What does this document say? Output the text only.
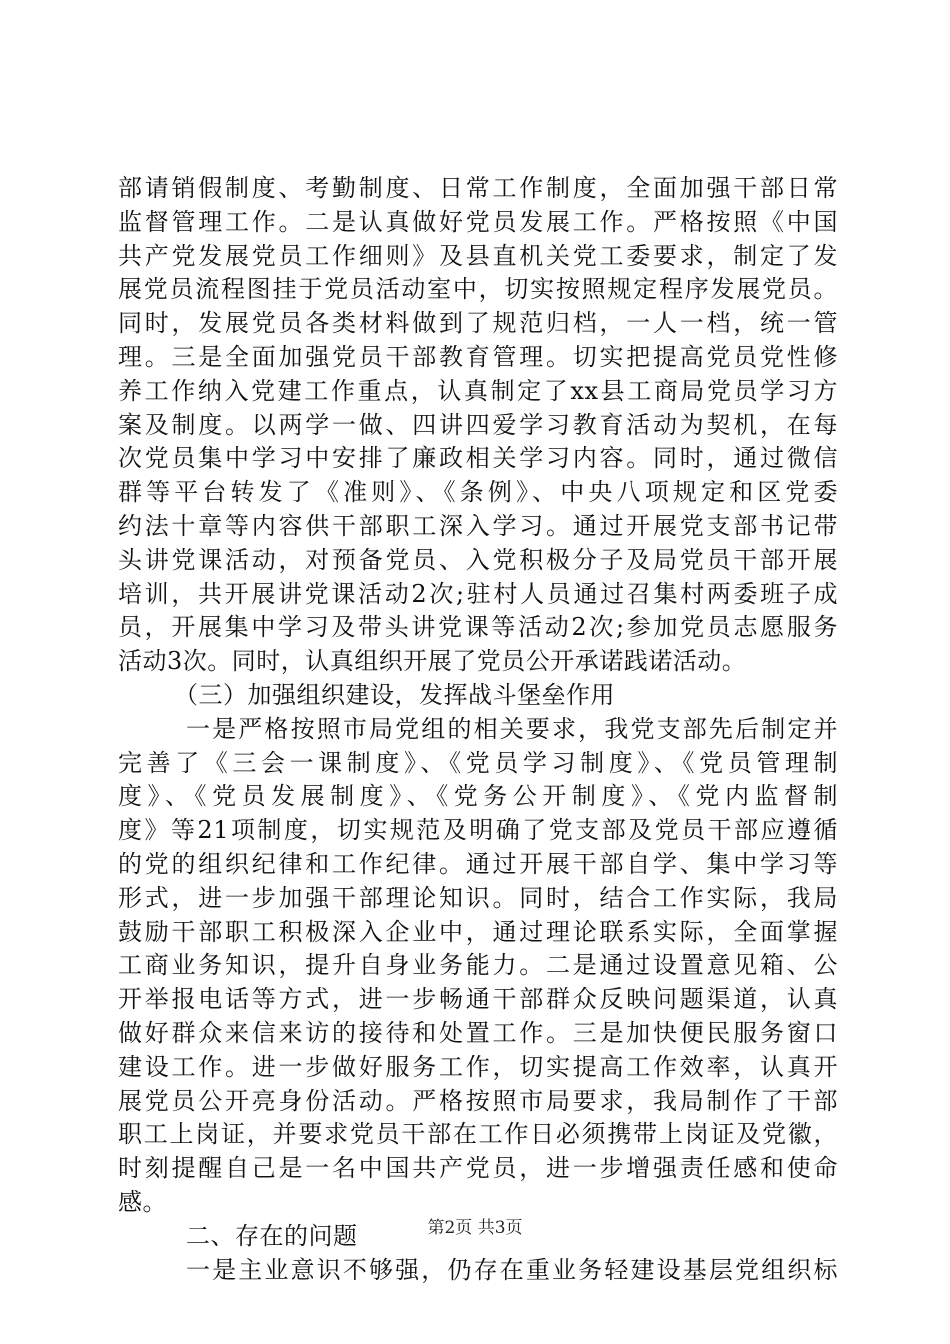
部请销假制度、考勤制度、日常工作制度，全面加强干部日常
监督管理工作。二是认真做好党员发展工作。严格按照《中国
共产党发展党员工作细则》及县直机关党工委要求，制定了发
展党员流程图挂于党员活动室中，切实按照规定程序发展党员。
同时，发展党员各类材料做到了规范归档，一人一档，统一管
理。三是全面加强党员干部教育管理。切实把提高党员党性修
养工作纳入党建工作重点，认真制定了xx县工商局党员学习方
案及制度。以两学一做、四讲四爱学习教育活动为契机，在每
次党员集中学习中安排了廉政相关学习内容。同时，通过微信
群等平台转发了《准则》、《条例》、中央八项规定和区党委
约法十章等内容供干部职工深入学习。通过开展党支部书记带
头讲党课活动，对预备党员、入党积极分子及局党员干部开展
培训，共开展讲党课活动2次;驻村人员通过召集村两委班子成
员，开展集中学习及带头讲党课等活动2次;参加党员志愿服务
活动3次。同时，认真组织开展了党员公开承诺践诺活动。
（三）加强组织建设，发挥战斗堡垒作用
一是严格按照市局党组的相关要求，我党支部先后制定并
完善了《三会一课制度》、《党员学习制度》、《党员管理制
度》、《党员发展制度》、《党务公开制度》、《党内监督制
度》等21项制度，切实规范及明确了党支部及党员干部应遵循
的党的组织纪律和工作纪律。通过开展干部自学、集中学习等
形式，进一步加强干部理论知识。同时，结合工作实际，我局
鼓励干部职工积极深入企业中，通过理论联系实际，全面掌握
工商业务知识，提升自身业务能力。二是通过设置意见箱、公
开举报电话等方式，进一步畅通干部群众反映问题渠道，认真
做好群众来信来访的接待和处置工作。三是加快便民服务窗口
建设工作。进一步做好服务工作，切实提高工作效率，认真开
展党员公开亮身份活动。严格按照市局要求，我局制作了干部
职工上岗证，并要求党员干部在工作日必须携带上岗证及党徽，
时刻提醒自己是一名中国共产党员，进一步增强责任感和使命
感。
二、存在的问题
一是主业意识不够强，仍存在重业务轻建设基层党组织标
第2页 共3页
